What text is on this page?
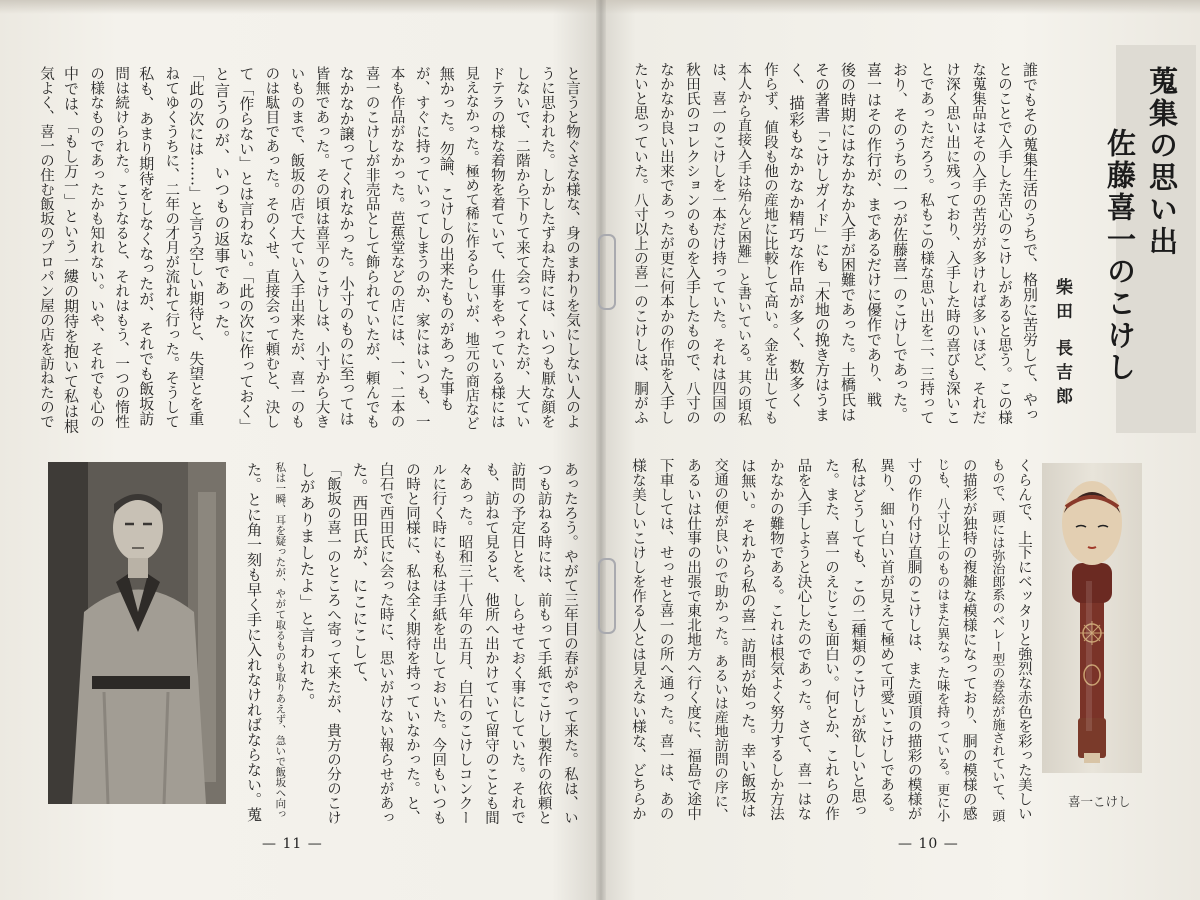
蒐集の思い出

佐藤喜一のこけし

柴田 長吉郎

誰でもその蒐集生活のうちで、格別に苦労して、やっ

とのことで入手した苦心のこけしがあると思う。この様

な蒐集品はその入手の苦労が多ければ多いほど、それだ

け深く思い出に残っており、入手した時の喜びも深いこ

とであっただろう。私もこの様な思い出を二、三持って

おり、そのうちの一つが佐藤喜一のこけしであった。

喜一はその作行が、まであるだけに優作であり、戦

後の時期にはなかなか入手が困難であった。土橋氏は

その著書「こけしガイド」にも「木地の挽き方はうま

く、描彩もなかなか精巧な作品が多く、数多く

作らず、値段も他の産地に比較して高い。金を出しても

本人から直接入手は殆んど困難」と書いている。其の頃私

は、喜一のこけしを一本だけ持っていた。それは四国の

秋田氏のコレクションのものを入手したもので、八寸の

なかなか良い出来であったが更に何本かの作品を入手し

たいと思っていた。八寸以上の喜一のこけしは、胴がふ

くらんで、上下にベッタリと強烈な赤色を彩った美しい

もので、頭には弥治郎系のベレー型の巻絵が施されていて、頭

の描彩が独特の複雑な模様になっており、胴の模様の感

じも、八寸以上のものはまた異なった味を持っている。更に小

寸の作り付け直胴のこけしは、また頭頂の描彩の模様が

異り、細い白い首が見えて極めて可愛いこけしである。

私はどうしても、この二種類のこけしが欲しいと思っ

た。また、喜一のえじこも面白い。何とか、これらの作

品を入手しようと決心したのであった。さて、喜一はな

かなかの難物である。これは根気よく努力するしか方法

は無い。それから私の喜一訪問が始った。幸い飯坂は

交通の便が良いので助かった。あるいは産地訪問の序に、

あるいは仕事の出張で東北地方へ行く度に、福島で途中

下車しては、せっせと喜一の所へ通った。喜一は、あの

様な美しいこけしを作る人とは見えない様な、どちらか	喜一こけし

と言うと物ぐさな様な、身のまわりを気にしない人のよ

うに思われた。しかしたずねた時には、いつも厭な顔を

しないで、二階から下りて来て会ってくれたが、大てい

ドテラの様な着物を着ていて、仕事をやっている様には

見えなかった。極めて稀に作るらしいが、地元の商店など

無かった。勿論、こけしの出来たものがあった事も

が、すぐに持っていってしまうのか、家にはいつも、一

本も作品がなかった。芭蕉堂などの店には、一、二本の

喜一のこけしが非売品として飾られていたが、頼んでも

なかなか譲ってくれなかった。小寸のものに至っては

皆無であった。その頃は喜平のこけしは、小寸から大き

いものまで、飯坂の店で大てい入手出来たが、喜一のも

のは駄目であった。そのくせ、直接会って頼むと、決し

て「作らない」とは言わない。「此の次に作っておく」

と言うのが、いつもの返事であった。

「此の次には……」と言う空しい期待と、失望とを重

ねてゆくうちに、二年の才月が流れて行った。そうして

私も、あまり期待をしなくなったが、それでも飯坂訪

問は続けられた。こうなると、それはもう、一つの惰性

の様なものであったかも知れない。いや、それでも心の

中では、「もし万一」という一縷の期待を抱いて私は根

気よく、喜一の住む飯坂のプロパン屋の店を訪ねたので

あったろう。やがて三年目の春がやって来た。私は、い

つも訪ねる時には、前もって手紙でこけし製作の依頼と

訪問の予定日とを、しらせておく事にしていた。それで

も、訪ねて見ると、他所へ出かけていて留守のことも間

々あった。昭和三十八年の五月、白石のこけしコンクー

ルに行く時にも私は手紙を出しておいた。今回もいつも

の時と同様に、私は全く期待を持っていなかった。と、

白石で西田氏に会った時に、思いがけない報らせがあっ

た。西田氏が、にこにこして、

「飯坂の喜一のところへ寄って来たが、貴方の分のこけ

しがありましたよ」と言われた。

私は一瞬、耳を疑ったが、やがて取るものも取りあえず、急いで飯坂へ向っ

た。とに角一刻も早く手に入れなければならない。蒐

— 11 —	— 10 —
